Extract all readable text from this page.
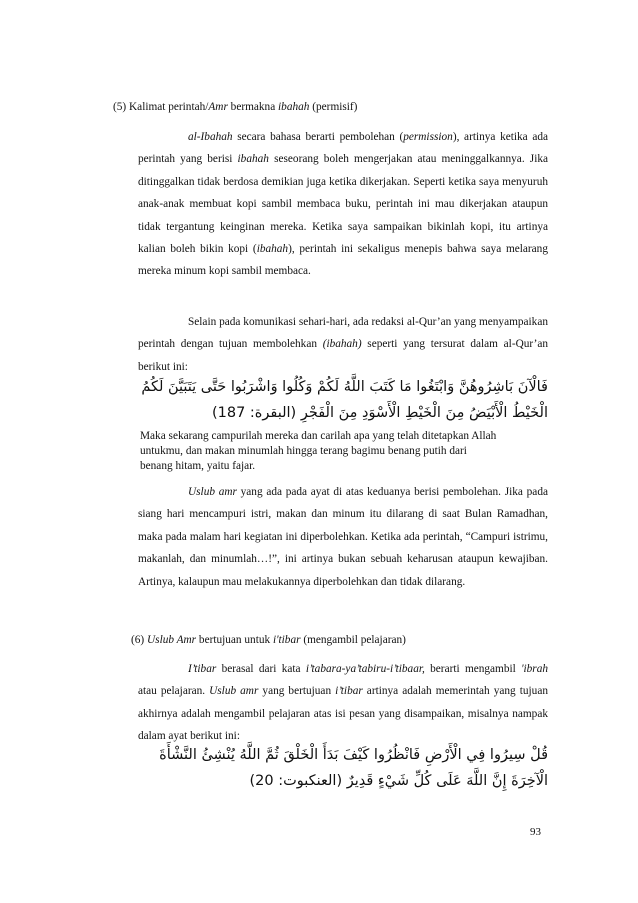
(5) Kalimat perintah/Amr bermakna ibahah (permisif)

al-Ibahah secara bahasa berarti pembolehan (permission), artinya ketika ada perintah yang berisi ibahah seseorang boleh mengerjakan atau meninggalkannya. Jika ditinggalkan tidak berdosa demikian juga ketika dikerjakan. Seperti ketika saya menyuruh anak-anak membuat kopi sambil membaca buku, perintah ini mau dikerjakan ataupun tidak tergantung keinginan mereka. Ketika saya sampaikan bikinlah kopi, itu artinya kalian boleh bikin kopi (ibahah), perintah ini sekaligus menepis bahwa saya melarang mereka minum kopi sambil membaca.

Selain pada komunikasi sehari-hari, ada redaksi al-Qur’an yang menyampaikan perintah dengan tujuan membolehkan (ibahah) seperti yang tersurat dalam al-Qur’an berikut ini:

فَالْآنَ بَاشِرُوهُنَّ وَابْتَغُوا مَا كَتَبَ اللَّهُ لَكُمْ وَكُلُوا وَاشْرَبُوا حَتَّى يَتَبَيَّنَ لَكُمُ
الْخَيْطُ الْأَبْيَضُ مِنَ الْخَيْطِ الْأَسْوَدِ مِنَ الْفَجْرِ (البقرة: 187)

Maka sekarang campurilah mereka dan carilah apa yang telah ditetapkan Allah untukmu, dan makan minumlah hingga terang bagimu benang putih dari benang hitam, yaitu fajar.

Uslub amr yang ada pada ayat di atas keduanya berisi pembolehan. Jika pada siang hari mencampuri istri, makan dan minum itu dilarang di saat Bulan Ramadhan, maka pada malam hari kegiatan ini diperbolehkan. Ketika ada perintah, “Campuri istrimu, makanlah, dan minumlah…!”, ini artinya bukan sebuah keharusan ataupun kewajiban. Artinya, kalaupun mau melakukannya diperbolehkan dan tidak dilarang.

(6) Uslub Amr bertujuan untuk i'tibar (mengambil pelajaran)

I’tibar berasal dari kata i’tabara-ya’tabiru-i’tibaar, berarti mengambil 'ibrah atau pelajaran. Uslub amr yang bertujuan i’tibar artinya adalah memerintah yang tujuan akhirnya adalah mengambil pelajaran atas isi pesan yang disampaikan, misalnya nampak dalam ayat berikut ini:

قُلْ سِيرُوا فِي الْأَرْضِ فَانْظُرُوا كَيْفَ بَدَأَ الْخَلْقَ ثُمَّ اللَّهُ يُنْشِئُ النَّشْأَةَ
الْآخِرَةَ إِنَّ اللَّهَ عَلَى كُلِّ شَيْءٍ قَدِيرٌ (العنكبوت: 20)
93
